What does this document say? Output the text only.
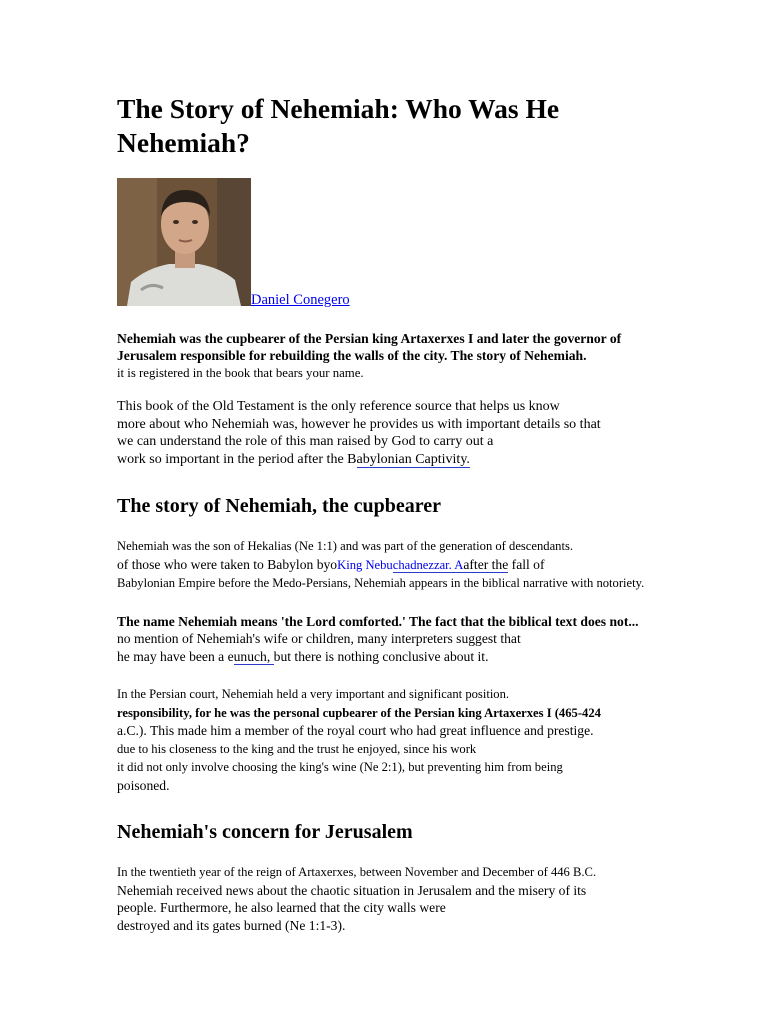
The Story of Nehemiah: Who Was He Nehemiah?
Daniel Conegero

Nehemiah was the cupbearer of the Persian king Artaxerxes I and later the governor of Jerusalem responsible for rebuilding the walls of the city. The story of Nehemiah.
it is registered in the book that bears your name.

This book of the Old Testament is the only reference source that helps us know
more about who Nehemiah was, however he provides us with important details so that
we can understand the role of this man raised by God to carry out a
work so important in the period after the Babylonian Captivity.

The story of Nehemiah, the cupbearer

Nehemiah was the son of Hekalias (Ne 1:1) and was part of the generation of descendants.
of those who were taken to Babylon byoKing Nebuchadnezzar. Aafter the fall of
Babylonian Empire before the Medo-Persians, Nehemiah appears in the biblical narrative with notoriety.

The name Nehemiah means 'the Lord comforted.' The fact that the biblical text does not...
no mention of Nehemiah's wife or children, many interpreters suggest that
he may have been a eunuch, but there is nothing conclusive about it.

In the Persian court, Nehemiah held a very important and significant position.
responsibility, for he was the personal cupbearer of the Persian king Artaxerxes I (465-424
a.C.). This made him a member of the royal court who had great influence and prestige.
due to his closeness to the king and the trust he enjoyed, since his work
it did not only involve choosing the king's wine (Ne 2:1), but preventing him from being
poisoned.

Nehemiah's concern for Jerusalem

In the twentieth year of the reign of Artaxerxes, between November and December of 446 B.C.
Nehemiah received news about the chaotic situation in Jerusalem and the misery of its
people. Furthermore, he also learned that the city walls were
destroyed and its gates burned (Ne 1:1-3).
